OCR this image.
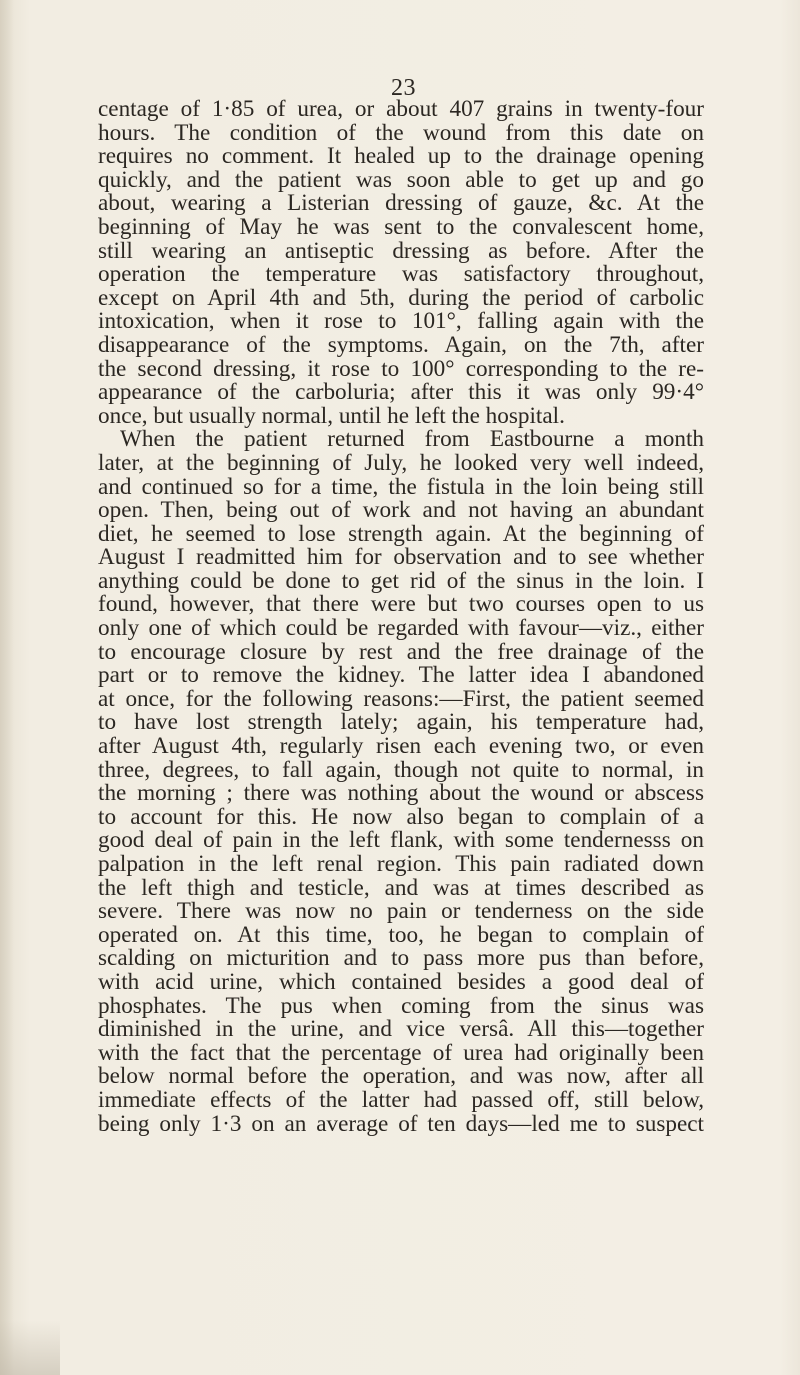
23
centage of 1·85 of urea, or about 407 grains in twenty-four
hours. The condition of the wound from this date on
requires no comment. It healed up to the drainage opening
quickly, and the patient was soon able to get up and go
about, wearing a Listerian dressing of gauze, &c. At the
beginning of May he was sent to the convalescent home,
still wearing an antiseptic dressing as before. After the
operation the temperature was satisfactory throughout,
except on April 4th and 5th, during the period of carbolic
intoxication, when it rose to 101°, falling again with the
disappearance of the symptoms. Again, on the 7th, after
the second dressing, it rose to 100° corresponding to the re-
appearance of the carboluria; after this it was only 99·4°
once, but usually normal, until he left the hospital.
When the patient returned from Eastbourne a month
later, at the beginning of July, he looked very well indeed,
and continued so for a time, the fistula in the loin being still
open. Then, being out of work and not having an abundant
diet, he seemed to lose strength again. At the beginning of
August I readmitted him for observation and to see whether
anything could be done to get rid of the sinus in the loin. I
found, however, that there were but two courses open to us
only one of which could be regarded with favour—viz., either
to encourage closure by rest and the free drainage of the
part or to remove the kidney. The latter idea I abandoned
at once, for the following reasons:—First, the patient seemed
to have lost strength lately; again, his temperature had,
after August 4th, regularly risen each evening two, or even
three, degrees, to fall again, though not quite to normal, in
the morning ; there was nothing about the wound or abscess
to account for this. He now also began to complain of a
good deal of pain in the left flank, with some tendernesss on
palpation in the left renal region. This pain radiated down
the left thigh and testicle, and was at times described as
severe. There was now no pain or tenderness on the side
operated on. At this time, too, he began to complain of
scalding on micturition and to pass more pus than before,
with acid urine, which contained besides a good deal of
phosphates. The pus when coming from the sinus was
diminished in the urine, and vice versâ. All this—together
with the fact that the percentage of urea had originally been
below normal before the operation, and was now, after all
immediate effects of the latter had passed off, still below,
being only 1·3 on an average of ten days—led me to suspect
